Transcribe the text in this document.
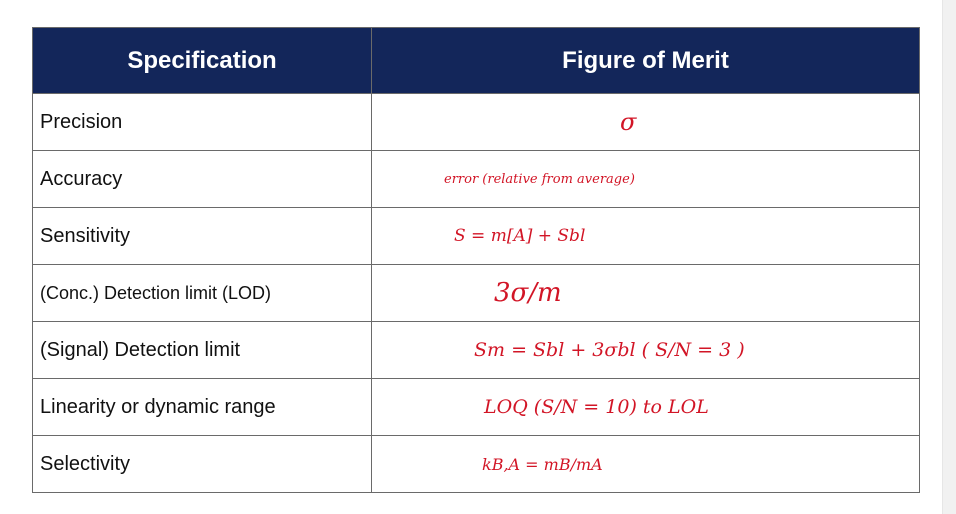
Specification	Figure of Merit
Precision	σ

Accuracy	error (relative from average)

Sensitivity	S = m[A] + Sbl

(Conc.) Detection limit (LOD)	3σ/m

(Signal) Detection limit	Sm = Sbl + 3σbl ( S/N = 3 )

Linearity or dynamic range	LOQ (S/N = 10) to LOL

Selectivity	kB,A = mB/mA
